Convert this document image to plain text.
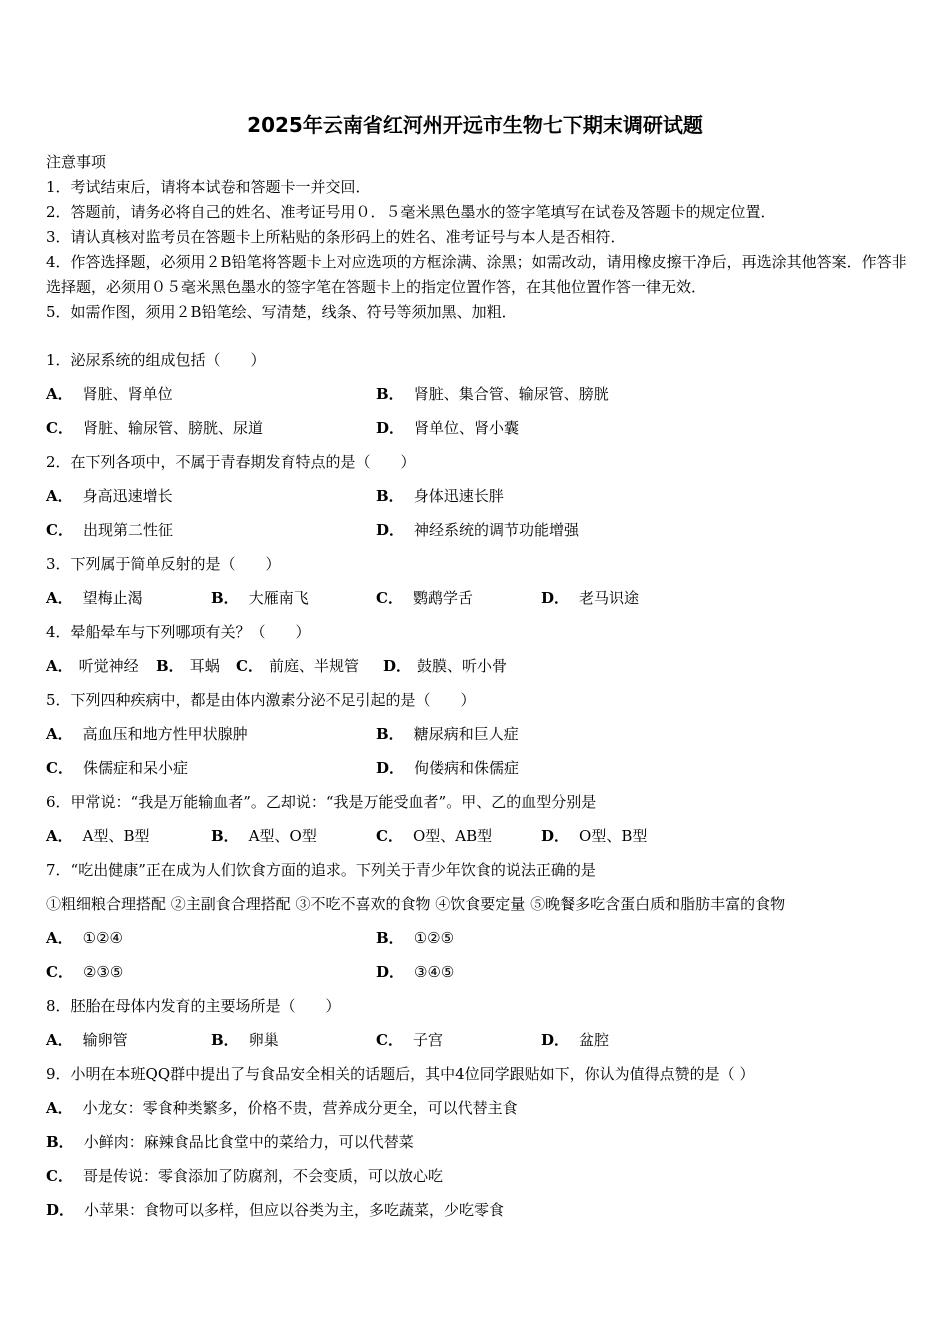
2025年云南省红河州开远市生物七下期末调研试题

注意事项

1．考试结束后，请将本试卷和答题卡一并交回．

2．答题前，请务必将自己的姓名、准考证号用０．５毫米黑色墨水的签字笔填写在试卷及答题卡的规定位置．

3．请认真核对监考员在答题卡上所粘贴的条形码上的姓名、准考证号与本人是否相符．

4．作答选择题，必须用２B铅笔将答题卡上对应选项的方框涂满、涂黑；如需改动，请用橡皮擦干净后，再选涂其他答案．作答非选择题，必须用０５毫米黑色墨水的签字笔在答题卡上的指定位置作答，在其他位置作答一律无效．

5．如需作图，须用２B铅笔绘、写清楚，线条、符号等须加黑、加粗．

1．泌尿系统的组成包括（　　）
A． 肾脏、肾单位	B． 肾脏、集合管、输尿管、膀胱
C． 肾脏、输尿管、膀胱、尿道	D． 肾单位、肾小囊
2．在下列各项中，不属于青春期发育特点的是（　　）
A． 身高迅速增长	B． 身体迅速长胖
C． 出现第二性征	D． 神经系统的调节功能增强
3．下列属于简单反射的是（　　）
A． 望梅止渴	B． 大雁南飞	C． 鹦鹉学舌	D． 老马识途
4．晕船晕车与下列哪项有关？（　　）
A． 听觉神经 B． 耳蜗 C． 前庭、半规管 D． 鼓膜、听小骨
5．下列四种疾病中，都是由体内激素分泌不足引起的是（　　）
A． 高血压和地方性甲状腺肿	B． 糖尿病和巨人症
C． 侏儒症和呆小症	D． 佝偻病和侏儒症
6．甲常说：“我是万能输血者”。乙却说：“我是万能受血者”。甲、乙的血型分别是
A． A型、B型	B． A型、O型	C． O型、AB型	D． O型、B型
7．“吃出健康”正在成为人们饮食方面的追求。下列关于青少年饮食的说法正确的是
①粗细粮合理搭配 ②主副食合理搭配 ③不吃不喜欢的食物 ④饮食要定量 ⑤晚餐多吃含蛋白质和脂肪丰富的食物
A． ①②④	B． ①②⑤
C． ②③⑤	D． ③④⑤
8．胚胎在母体内发育的主要场所是（　　）
A． 输卵管	B． 卵巢	C． 子宫	D． 盆腔
9．小明在本班QQ群中提出了与食品安全相关的话题后，其中4位同学跟贴如下，你认为值得点赞的是（ ）
A． 小龙女：零食种类繁多，价格不贵，营养成分更全，可以代替主食
B． 小鲜肉：麻辣食品比食堂中的菜给力，可以代替菜
C． 哥是传说：零食添加了防腐剂，不会变质，可以放心吃
D． 小苹果：食物可以多样，但应以谷类为主，多吃蔬菜，少吃零食
